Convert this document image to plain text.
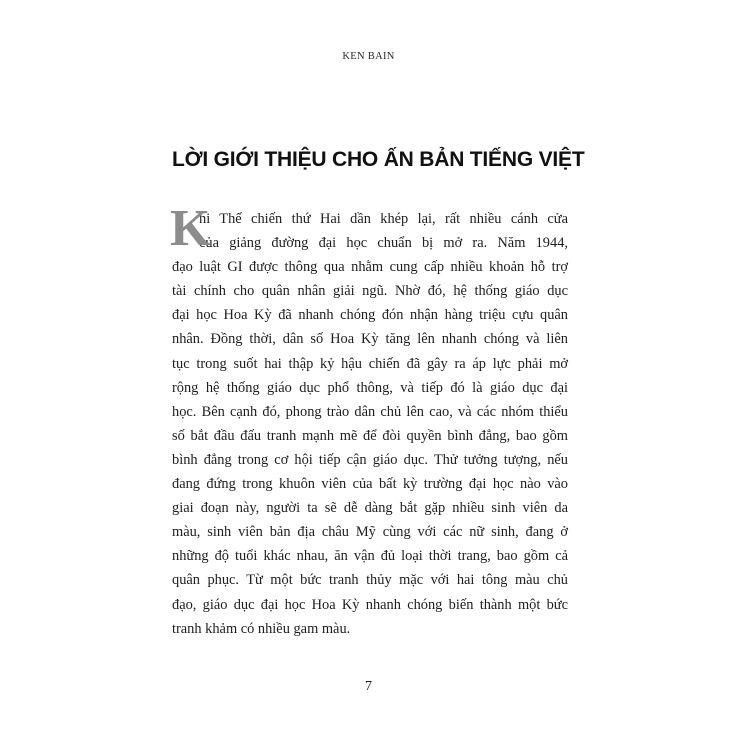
KEN BAIN
LỜI GIỚI THIỆU CHO ẤN BẢN TIẾNG VIỆT
K
hi Thế chiến thứ Hai dần khép lại, rất nhiều cánh cửa
của giảng đường đại học chuẩn bị mở ra. Năm 1944,
đạo luật GI được thông qua nhằm cung cấp nhiều khoản hỗ trợ
tài chính cho quân nhân giải ngũ. Nhờ đó, hệ thống giáo dục
đại học Hoa Kỳ đã nhanh chóng đón nhận hàng triệu cựu quân
nhân. Đồng thời, dân số Hoa Kỳ tăng lên nhanh chóng và liên
tục trong suốt hai thập kỷ hậu chiến đã gây ra áp lực phải mở
rộng hệ thống giáo dục phổ thông, và tiếp đó là giáo dục đại
học. Bên cạnh đó, phong trào dân chủ lên cao, và các nhóm thiểu
số bắt đầu đấu tranh mạnh mẽ để đòi quyền bình đẳng, bao gồm
bình đẳng trong cơ hội tiếp cận giáo dục. Thử tưởng tượng, nếu
đang đứng trong khuôn viên của bất kỳ trường đại học nào vào
giai đoạn này, người ta sẽ dễ dàng bắt gặp nhiều sinh viên da
màu, sinh viên bản địa châu Mỹ cùng với các nữ sinh, đang ở
những độ tuổi khác nhau, ăn vận đủ loại thời trang, bao gồm cả
quân phục. Từ một bức tranh thủy mặc với hai tông màu chủ
đạo, giáo dục đại học Hoa Kỳ nhanh chóng biến thành một bức
tranh khảm có nhiều gam màu.
7
